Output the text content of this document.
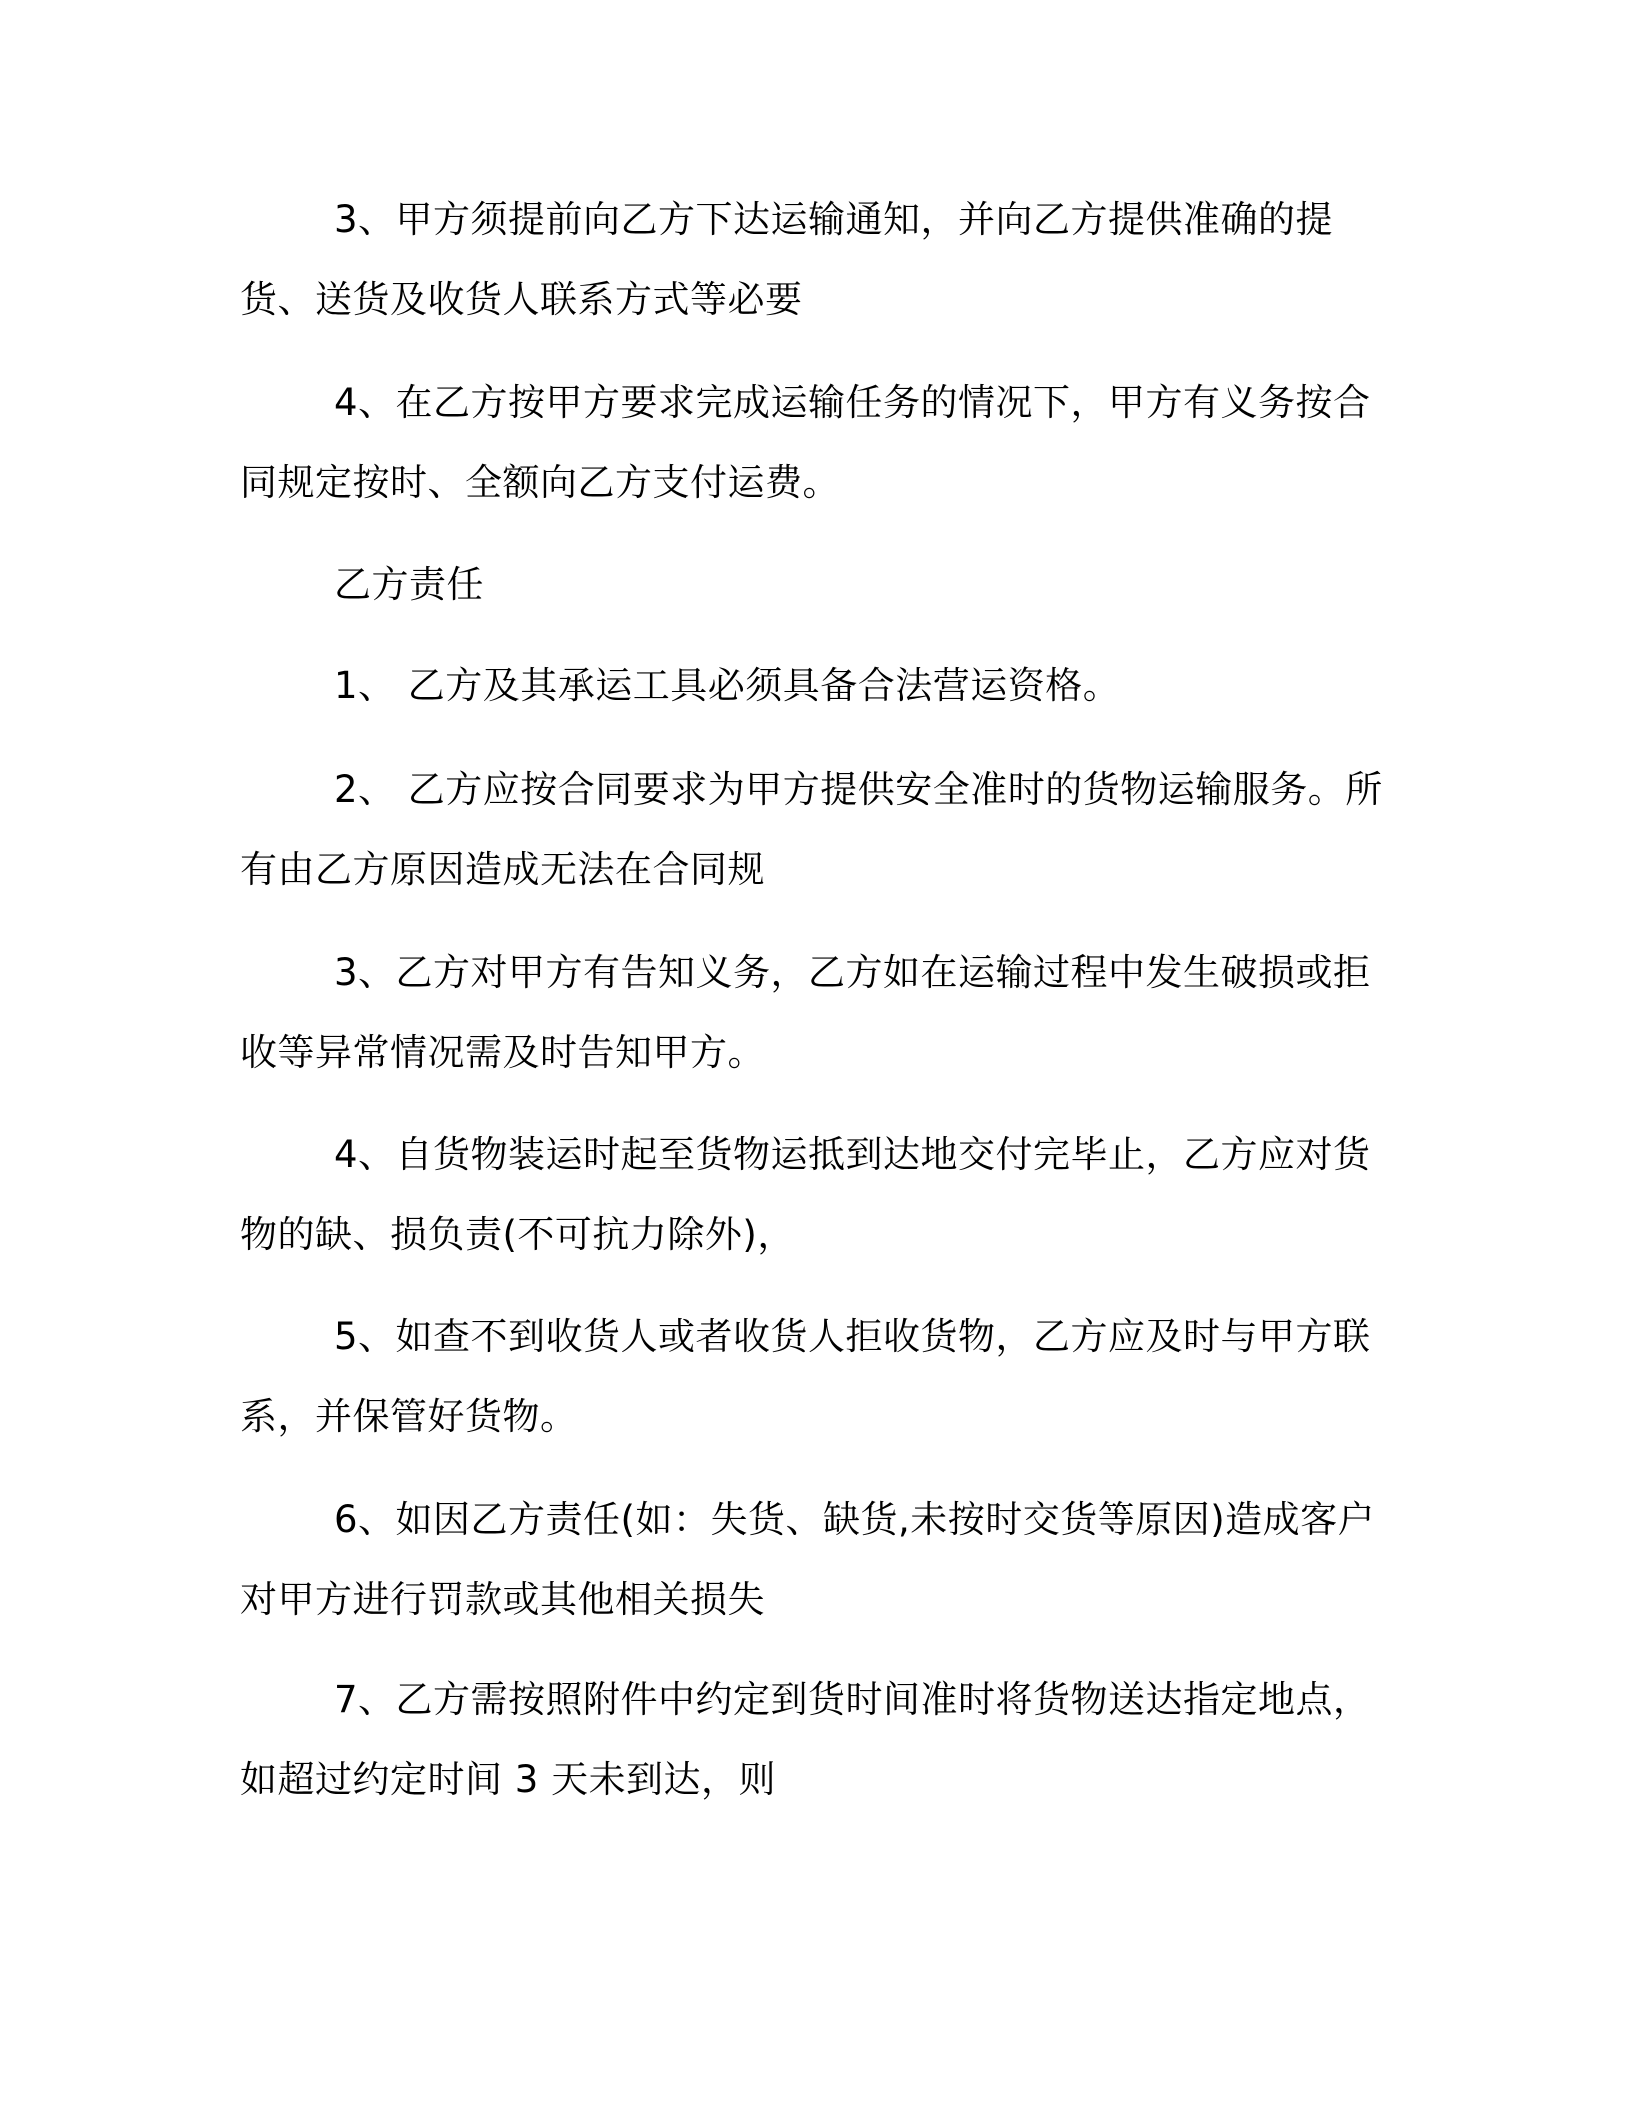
3、甲方须提前向乙方下达运输通知，并向乙方提供准确的提货、送货及收货人联系方式等必要

4、在乙方按甲方要求完成运输任务的情况下，甲方有义务按合同规定按时、全额向乙方支付运费。

乙方责任

1、 乙方及其承运工具必须具备合法营运资格。

2、 乙方应按合同要求为甲方提供安全准时的货物运输服务。所有由乙方原因造成无法在合同规

3、乙方对甲方有告知义务，乙方如在运输过程中发生破损或拒收等异常情况需及时告知甲方。

4、自货物装运时起至货物运抵到达地交付完毕止，乙方应对货物的缺、损负责(不可抗力除外)，

5、如查不到收货人或者收货人拒收货物，乙方应及时与甲方联系，并保管好货物。

6、如因乙方责任(如：失货、缺货,未按时交货等原因)造成客户对甲方进行罚款或其他相关损失

7、乙方需按照附件中约定到货时间准时将货物送达指定地点，如超过约定时间 3 天未到达，则
